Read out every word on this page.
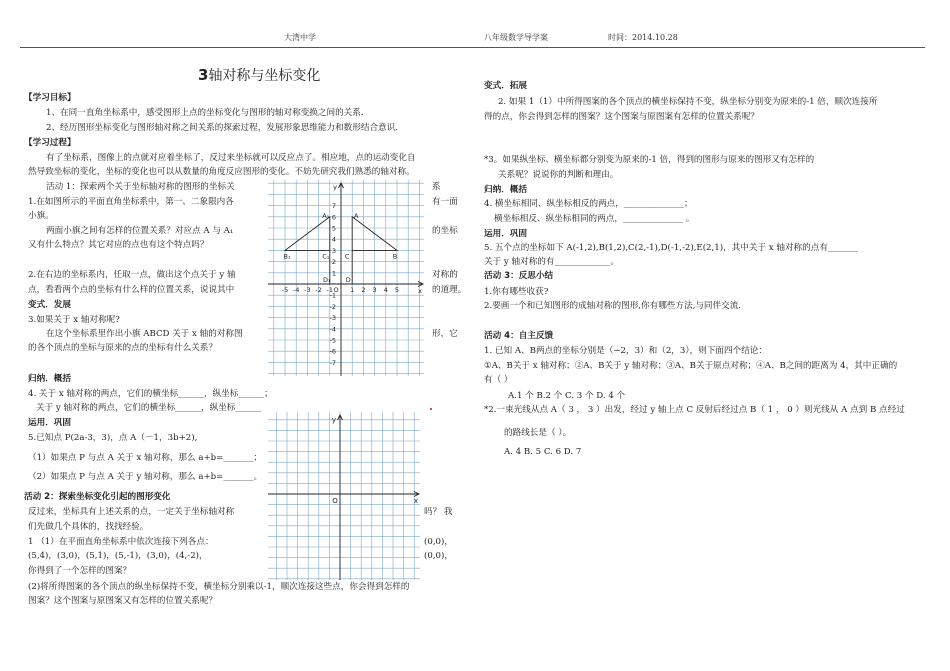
大湾中学	八年级数学导学案	时间：2014.10.28
3轴对称与坐标变化
【学习目标】
1、在同一直角坐标系中，感受图形上点的坐标变化与图形的轴对称变换之间的关系.
2、经历图形坐标变化与图形轴对称之间关系的探索过程，发展形象思维能力和数形结合意识.
【学习过程】
有了坐标系，图像上的点就对应着坐标了，反过来坐标就可以反应点了。相应地，点的运动变化自
然导致坐标的变化，坐标的变化也可以从数量的角度反应图形的变化。不妨先研究我们熟悉的轴对称。
活动 1：探索两个关于坐标轴对称的图形的坐标关	系
1.在如图所示的平面直角坐标系中，第一、二象限内各	有一面
小旗。
两面小旗之间有怎样的位置关系？对应点 A 与 A₁	的坐标
又有什么特点？其它对应的点也有这个特点吗？
2.在右边的坐标系内，任取一点，做出这个点关于 y 轴	对称的
点，看看两个点的坐标有什么样的位置关系，说说其中	的道理。
变式．发展
3.如果关于 x 轴对称呢?
在这个坐标系里作出小旗 ABCD 关于 x 轴的对称图	形，它
的各个顶点的坐标与原来的点的坐标有什么关系？
归纳．概括
4. 关于 x 轴对称的两点，它们的横坐标______，纵坐标______；
关于 y 轴对称的两点，它们的横坐标______，纵坐标______
运用．巩固
5.已知点 P(2a-3，3)，点 A（－1，3b+2),
（1）如果点 P 与点 A 关于 x 轴对称，那么 a+b=_______；
（2）如果点 P 与点 A 关于 y 轴对称，那么 a+b=_______。
活动 2：探索坐标变化引起的图形变化
反过来，坐标具有上述关系的点，一定关于坐标轴对称	吗？ 我
们先做几个具体的，找找经验。
1 （1）在平面直角坐标系中依次连接下列各点：	(0,0)，
(5,4)，(3,0)，(5,1)，(5,-1)，(3,0)，(4,-2)，	(0,0)，
你得到了一个怎样的图案？
(2)将所得图案的各个顶点的纵坐标保持不变，横坐标分别乘以-1，顺次连接这些点，你会得到怎样的
图案？这个图案与原图案又有怎样的位置关系呢？
x
y
O
-5 -4 -3 -2 -1	1 2 3 4 5
7
6
5
4
3
2
1
-1
-2
-3
-4
-5
-6
-7
A₁
B₁	C₁
D₁
A
B
C
D
x
y
O
变式．拓展
2. 如果 1（1）中所得图案的各个顶点的横坐标保持不变，纵坐标分别变为原来的-1 倍，顺次连接所
得的点，你会得到怎样的图案？这个图案与原图案有怎样的位置关系呢？
*3。如果纵坐标、横坐标都分别变为原来的-1 倍，得到的图形与原来的图形又有怎样的
关系呢？说说你的判断和理由。
归纳．概括
4. 横坐标相同、纵坐标相反的两点，______________；
横坐标相反、纵坐标相同的两点，______________ 。
运用．巩固
5. 五个点的坐标如下 A(-1,2),B(1,2),C(2,-1),D(-1,-2),E(2,1)，其中关于 x 轴对称的点有_______
关于 y 轴对称的有_____________。
活动 3：反思小结
1.你有哪些收获?
2.要画一个和已知图形的成轴对称的图形,你有哪些方法,与同伴交流.
活动 4：自主反馈
1. 已知 A、B两点的坐标分别是（−2，3）和（2，3），则下面四个结论：
①A、B关于 x 轴对称；②A、B关于 y 轴对称；③A、B关于原点对称；④A、B之间的距离为 4，其中正确的
有（ ）
A.1 个 B.2 个 C. 3 个 D. 4 个
*2.一束光线从点 A（ 3 ， 3 ）出发，经过 y 轴上点 C 反射后经过点 B（ 1 ， 0 ）则光线从 A 点到 B 点经过
的路线长是（ ）。
A. 4 B. 5 C. 6 D. 7
